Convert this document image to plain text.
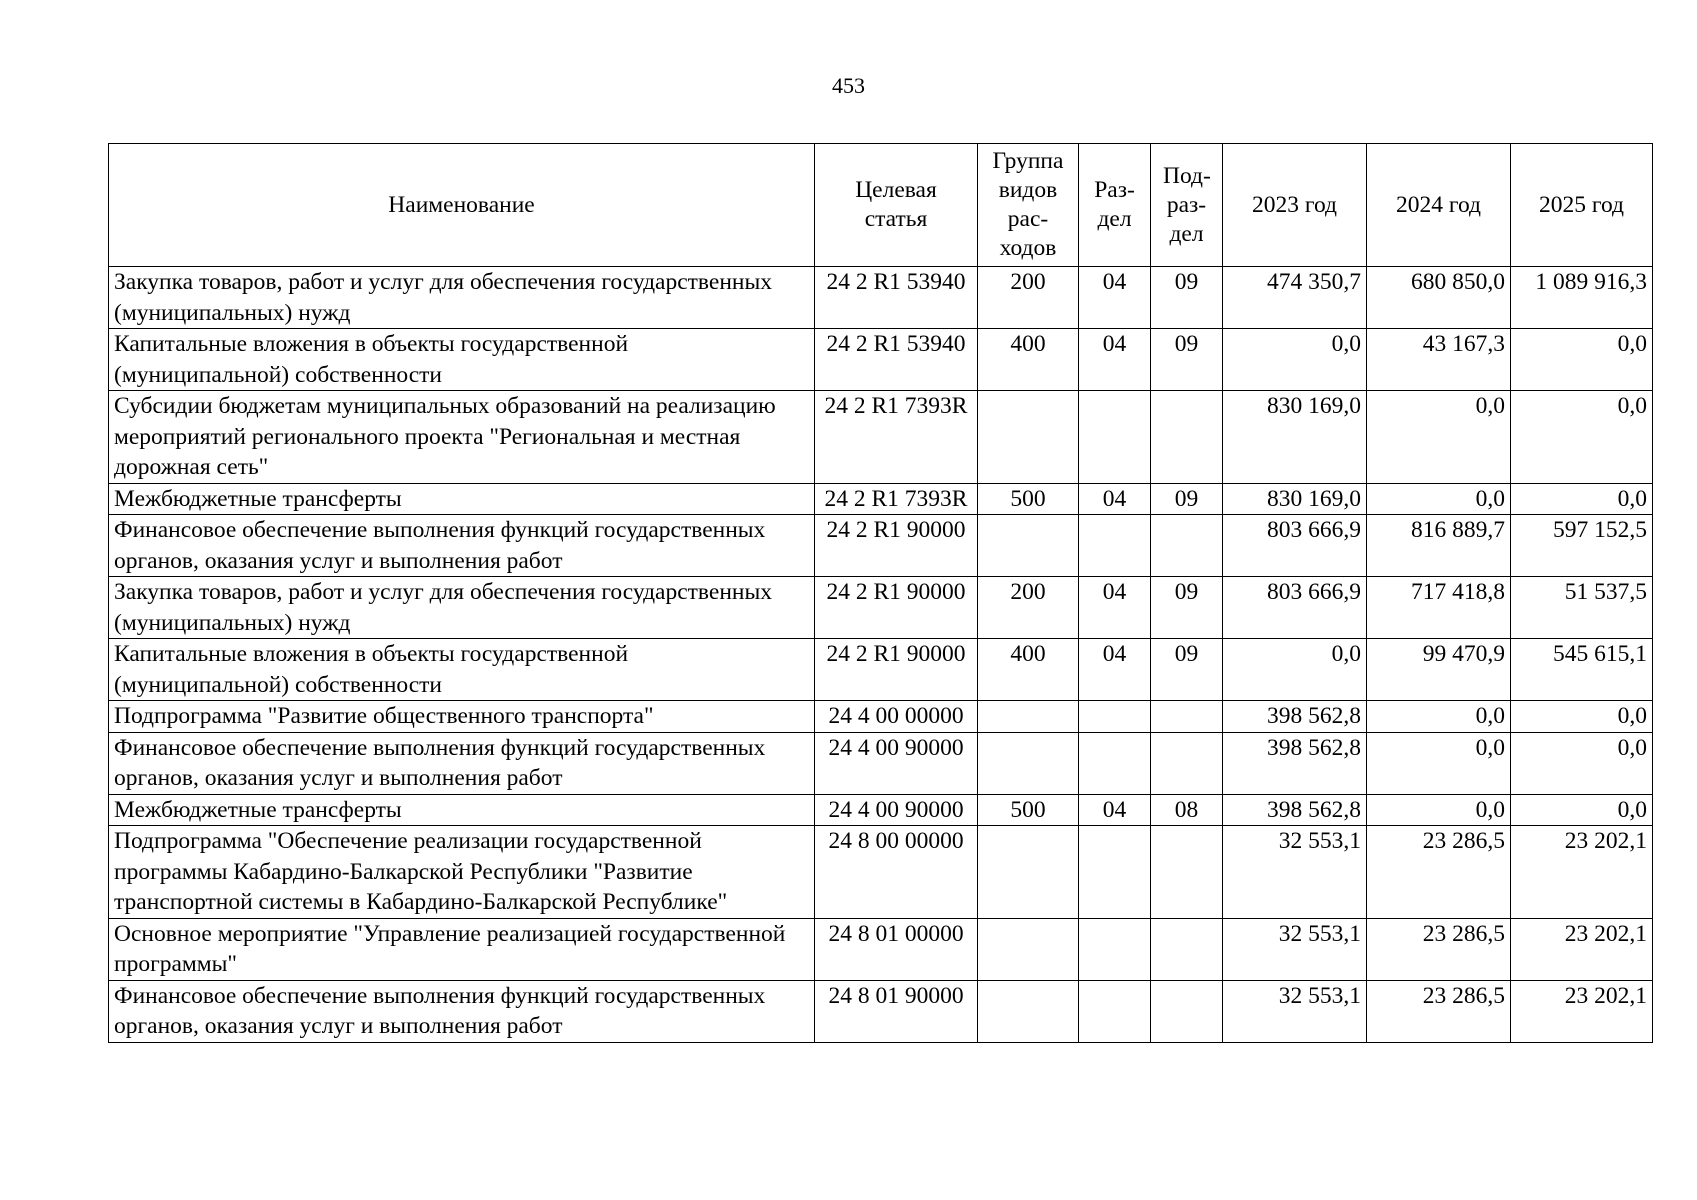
453
Наименование	Целевая статья	Группа видов рас-ходов	Раз-дел	Под-раз-дел	2023 год	2024 год	2025 год
Закупка товаров, работ и услуг для обеспечения государственных (муниципальных) нужд	24 2 R1 53940	200	04	09	474 350,7	680 850,0	1 089 916,3
Капитальные вложения в объекты государственной (муниципальной) собственности	24 2 R1 53940	400	04	09	0,0	43 167,3	0,0
Субсидии бюджетам муниципальных образований на реализацию мероприятий регионального проекта "Региональная и местная дорожная сеть"	24 2 R1 7393R				830 169,0	0,0	0,0
Межбюджетные трансферты	24 2 R1 7393R	500	04	09	830 169,0	0,0	0,0
Финансовое обеспечение выполнения функций государственных органов, оказания услуг и выполнения работ	24 2 R1 90000				803 666,9	816 889,7	597 152,5
Закупка товаров, работ и услуг для обеспечения государственных (муниципальных) нужд	24 2 R1 90000	200	04	09	803 666,9	717 418,8	51 537,5
Капитальные вложения в объекты государственной (муниципальной) собственности	24 2 R1 90000	400	04	09	0,0	99 470,9	545 615,1
Подпрограмма "Развитие общественного транспорта"	24 4 00 00000				398 562,8	0,0	0,0
Финансовое обеспечение выполнения функций государственных органов, оказания услуг и выполнения работ	24 4 00 90000				398 562,8	0,0	0,0
Межбюджетные трансферты	24 4 00 90000	500	04	08	398 562,8	0,0	0,0
Подпрограмма "Обеспечение реализации государственной программы Кабардино-Балкарской Республики "Развитие транспортной системы в Кабардино-Балкарской Республике"	24 8 00 00000				32 553,1	23 286,5	23 202,1
Основное мероприятие "Управление реализацией государственной программы"	24 8 01 00000				32 553,1	23 286,5	23 202,1
Финансовое обеспечение выполнения функций государственных органов, оказания услуг и выполнения работ	24 8 01 90000				32 553,1	23 286,5	23 202,1
